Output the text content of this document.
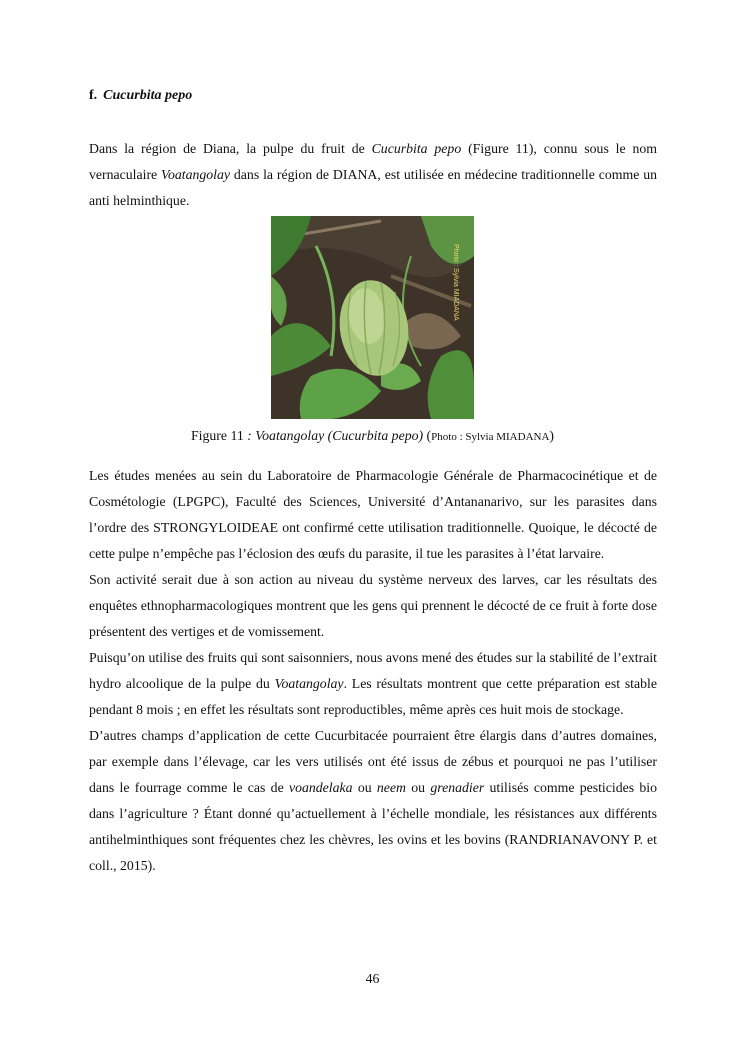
f. Cucurbita pepo

Dans la région de Diana, la pulpe du fruit de Cucurbita pepo (Figure 11), connu sous le nom vernaculaire Voatangolay dans la région de DIANA, est utilisée en médecine traditionnelle comme un anti helminthique.

Photo : Sylvia MIADANA
Figure 11 : Voatangolay (Cucurbita pepo) (Photo : Sylvia MIADANA)
Les études menées au sein du Laboratoire de Pharmacologie Générale de Pharmacocinétique et de Cosmétologie (LPGPC), Faculté des Sciences, Université d’Antananarivo, sur les parasites dans l’ordre des STRONGYLOIDEAE ont confirmé cette utilisation traditionnelle. Quoique, le décocté de cette pulpe n’empêche pas l’éclosion des œufs du parasite, il tue les parasites à l’état larvaire.
Son activité serait due à son action au niveau du système nerveux des larves, car les résultats des enquêtes ethnopharmacologiques montrent que les gens qui prennent le décocté de ce fruit à forte dose présentent des vertiges et de vomissement.
Puisqu’on utilise des fruits qui sont saisonniers, nous avons mené des études sur la stabilité de l’extrait hydro alcoolique de la pulpe du Voatangolay. Les résultats montrent que cette préparation est stable pendant 8 mois ; en effet les résultats sont reproductibles, même après ces huit mois de stockage.
D’autres champs d’application de cette Cucurbitacée pourraient être élargis dans d’autres domaines, par exemple dans l’élevage, car les vers utilisés ont été issus de zébus et pourquoi ne pas l’utiliser dans le fourrage comme le cas de voandelaka ou neem ou grenadier utilisés comme pesticides bio dans l’agriculture ? Étant donné qu’actuellement à l’échelle mondiale, les résistances aux différents antihelminthiques sont fréquentes chez les chèvres, les ovins et les bovins (RANDRIANAVONY P. et coll., 2015).
46
